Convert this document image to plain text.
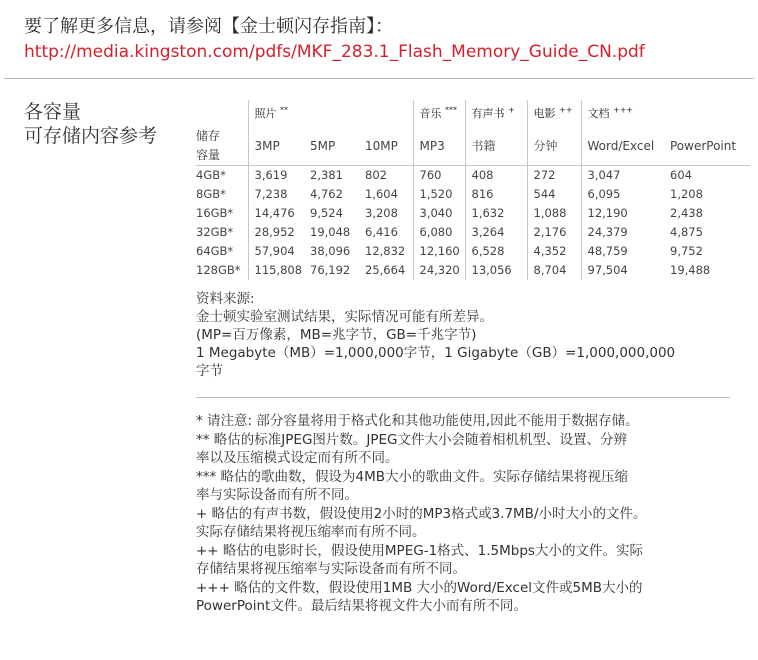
要了解更多信息，请参阅【金士顿闪存指南】：
http://media.kingston.com/pdfs/MKF_283.1_Flash_Memory_Guide_CN.pdf
各容量
可存储内容参考
	照片 **			音乐 ***	有声书 +	电影 ++	文档 +++

储存
容量	3MP	5MP	10MP	MP3	书籍	分钟	Word/Excel	PowerPoint
4GB*	3,619	2,381	802	760	408	272	3,047	604
8GB*	7,238	4,762	1,604	1,520	816	544	6,095	1,208
16GB*	14,476	9,524	3,208	3,040	1,632	1,088	12,190	2,438
32GB*	28,952	19,048	6,416	6,080	3,264	2,176	24,379	4,875
64GB*	57,904	38,096	12,832	12,160	6,528	4,352	48,759	9,752
128GB*	115,808	76,192	25,664	24,320	13,056	8,704	97,504	19,488
资料来源:
金士顿实验室测试结果，实际情况可能有所差异。
(MP=百万像素，MB=兆字节，GB=千兆字节)
1 Megabyte（MB）=1,000,000字节，1 Gigabyte（GB）=1,000,000,000
字节
* 请注意: 部分容量将用于格式化和其他功能使用,因此不能用于数据存储。
** 略估的标准JPEG图片数。JPEG文件大小会随着相机机型、设置、分辨
率以及压缩模式设定而有所不同。
*** 略估的歌曲数，假设为4MB大小的歌曲文件。实际存储结果将视压缩
率与实际设备而有所不同。
+ 略估的有声书数，假设使用2小时的MP3格式或3.7MB/小时大小的文件。
实际存储结果将视压缩率而有所不同。
++ 略估的电影时长，假设使用MPEG-1格式、1.5Mbps大小的文件。实际
存储结果将视压缩率与实际设备而有所不同。
+++ 略估的文件数，假设使用1MB 大小的Word/Excel文件或5MB大小的
PowerPoint文件。最后结果将视文件大小而有所不同。
